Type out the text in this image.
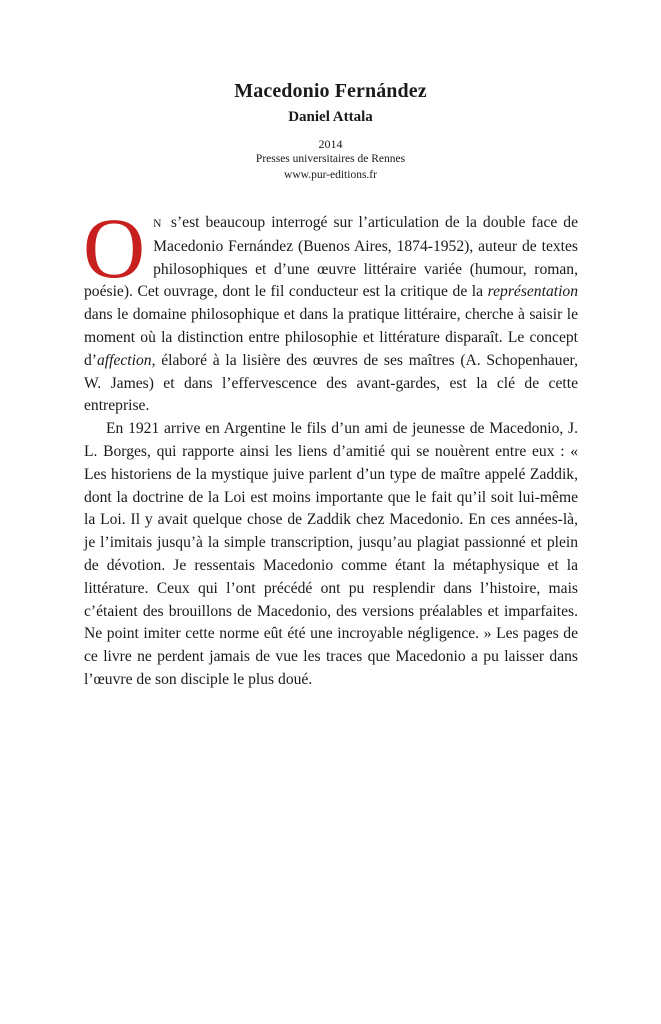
Macedonio Fernández
Daniel Attala
2014
Presses universitaires de Rennes
www.pur-editions.fr

O N s’est beaucoup interrogé sur l’articulation de la double face de Macedonio Fernández (Buenos Aires, 1874-1952), auteur de textes philosophiques et d’une œuvre littéraire variée (humour, roman, poésie). Cet ouvrage, dont le fil conducteur est la critique de la représentation dans le domaine philosophique et dans la pratique littéraire, cherche à saisir le moment où la distinction entre philosophie et littérature disparaît. Le concept d’affection, élaboré à la lisière des œuvres de ses maîtres (A. Schopenhauer, W. James) et dans l’effervescence des avant-gardes, est la clé de cette entreprise.

En 1921 arrive en Argentine le fils d’un ami de jeunesse de Macedonio, J. L. Borges, qui rapporte ainsi les liens d’amitié qui se nouèrent entre eux : « Les historiens de la mystique juive parlent d’un type de maître appelé Zaddik, dont la doctrine de la Loi est moins importante que le fait qu’il soit lui-même la Loi. Il y avait quelque chose de Zaddik chez Macedonio. En ces années-là, je l’imitais jusqu’à la simple transcription, jusqu’au plagiat passionné et plein de dévotion. Je ressentais Macedonio comme étant la métaphysique et la littérature. Ceux qui l’ont précédé ont pu resplendir dans l’histoire, mais c’étaient des brouillons de Macedonio, des versions préalables et imparfaites. Ne point imiter cette norme eût été une incroyable négligence. » Les pages de ce livre ne perdent jamais de vue les traces que Macedonio a pu laisser dans l’œuvre de son disciple le plus doué.
